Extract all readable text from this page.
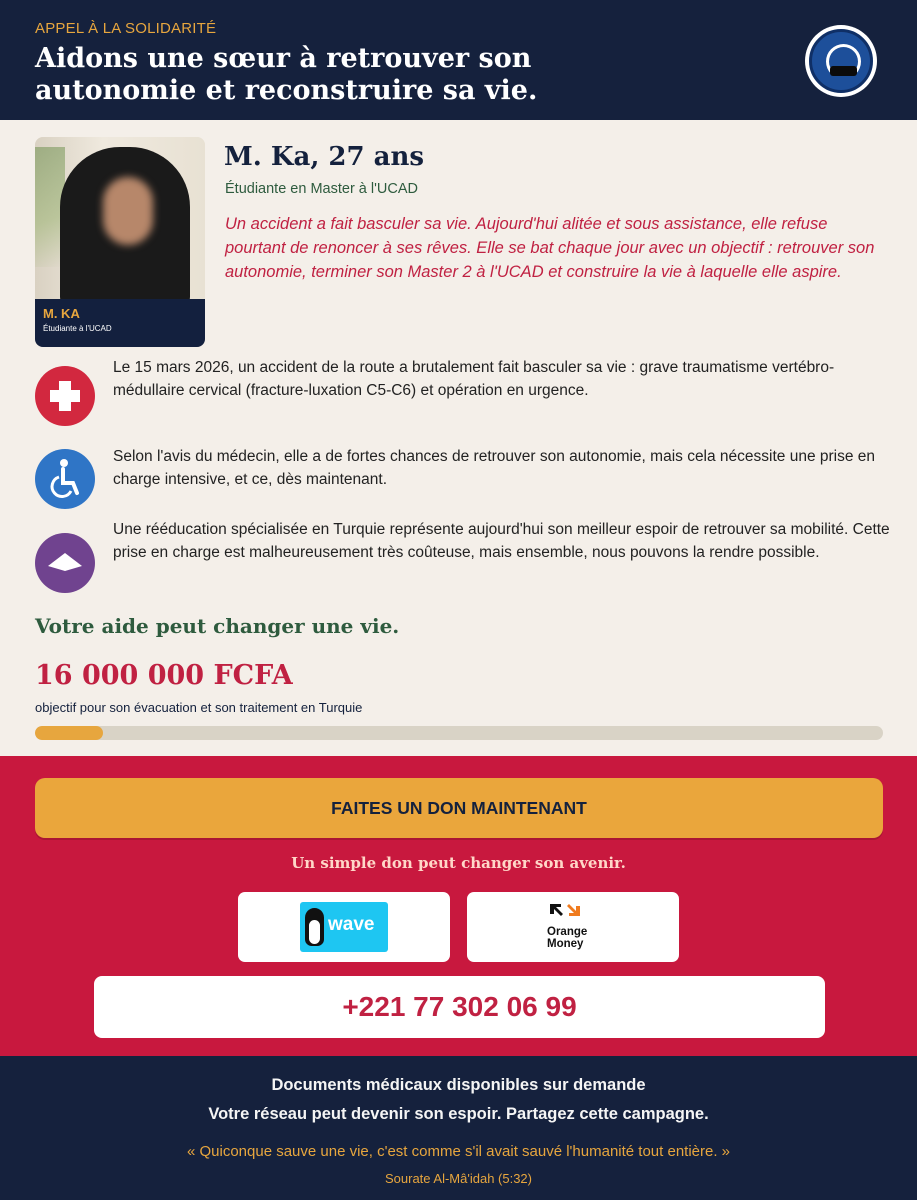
APPEL À LA SOLIDARITÉ
Aidons une sœur à retrouver son
autonomie et reconstruire sa vie.
M. KA
Étudiante à l'UCAD
M. Ka, 27 ans
Étudiante en Master à l'UCAD
Un accident a fait basculer sa vie. Aujourd'hui alitée et sous assistance, elle refuse pourtant de renoncer à ses rêves. Elle se bat chaque jour avec un objectif : retrouver son autonomie, terminer son Master 2 à l'UCAD et construire la vie à laquelle elle aspire.
Le 15 mars 2026, un accident de la route a brutalement fait basculer sa vie : grave traumatisme vertébro-médullaire cervical (fracture-luxation C5-C6) et opération en urgence.
Selon l'avis du médecin, elle a de fortes chances de retrouver son autonomie, mais cela nécessite une prise en charge intensive, et ce, dès maintenant.
Une rééducation spécialisée en Turquie représente aujourd'hui son meilleur espoir de retrouver sa mobilité. Cette prise en charge est malheureusement très coûteuse, mais ensemble, nous pouvons la rendre possible.
Votre aide peut changer une vie.
16 000 000 FCFA
objectif pour son évacuation et son traitement en Turquie
FAITES UN DON MAINTENANT
Un simple don peut changer son avenir.
wave	Orange
Money
+221 77 302 06 99
Documents médicaux disponibles sur demande
Votre réseau peut devenir son espoir. Partagez cette campagne.
« Quiconque sauve une vie, c'est comme s'il avait sauvé l'humanité tout entière. »
Sourate Al-Mâ'idah (5:32)
